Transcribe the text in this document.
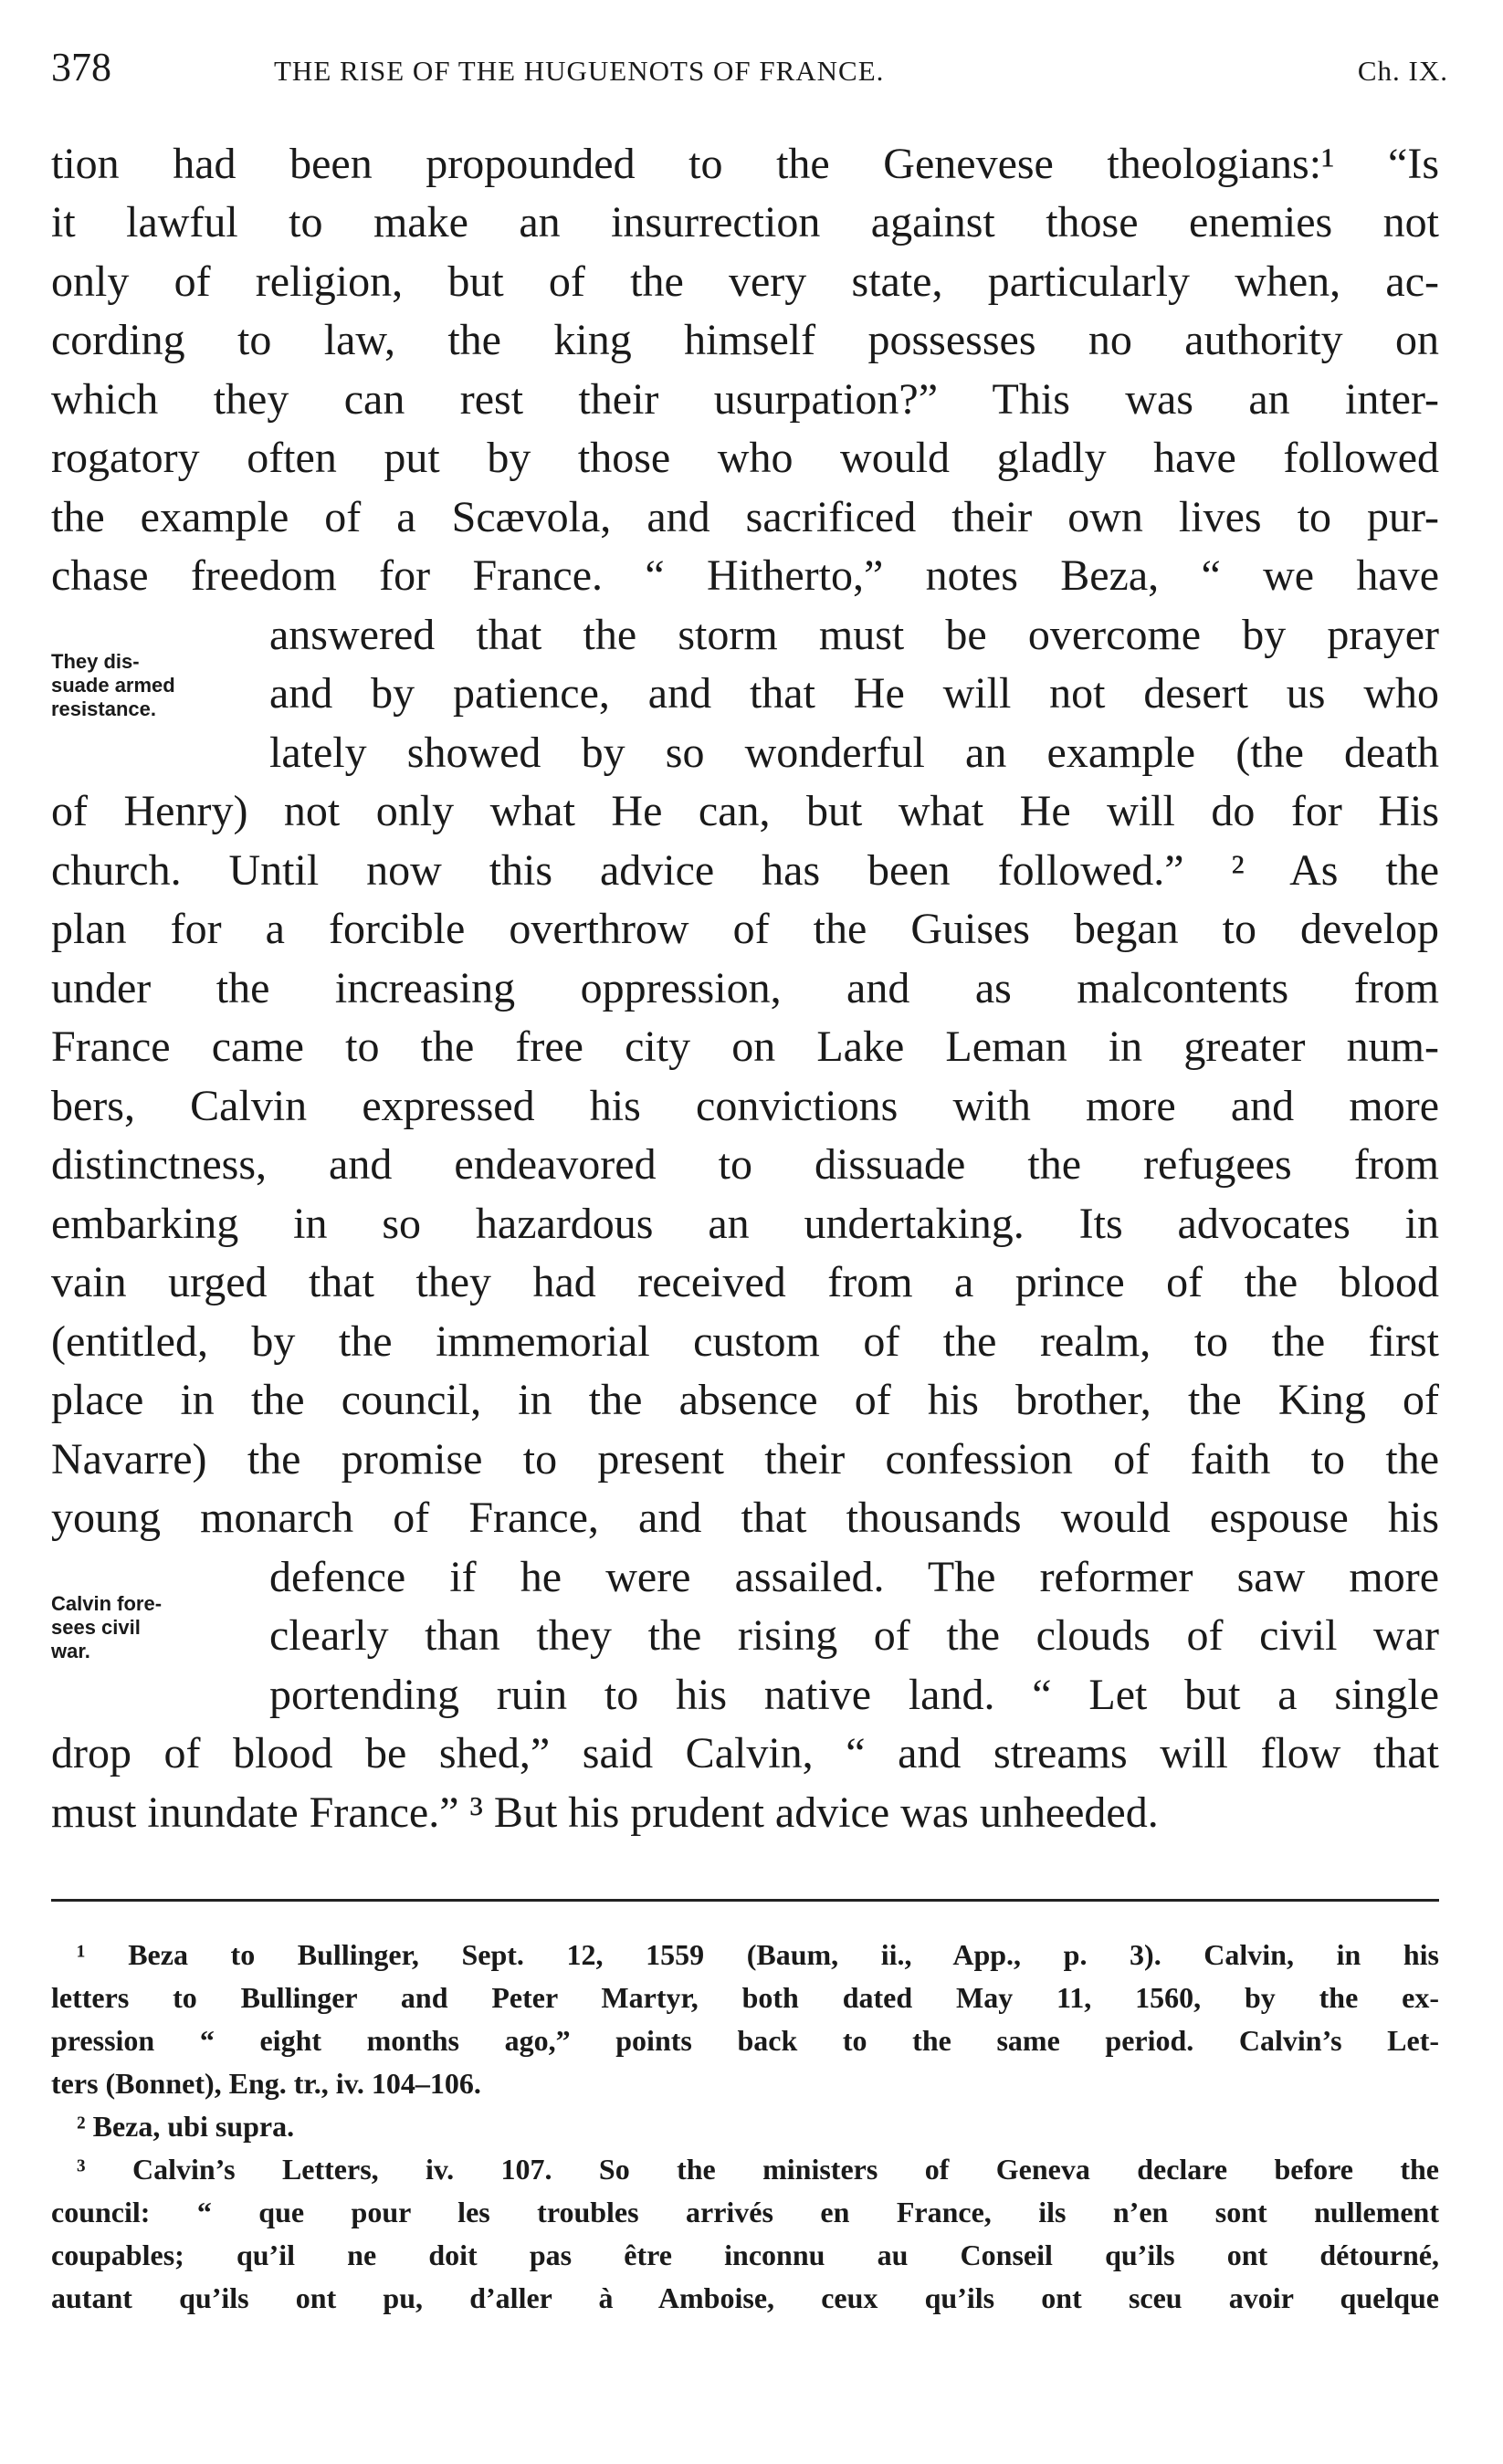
378	THE RISE OF THE HUGUENOTS OF FRANCE.	Ch. IX.
tion had been propounded to the Genevese theologians:¹ “Is
it lawful to make an insurrection against those enemies not
only of religion, but of the very state, particularly when, ac-
cording to law, the king himself possesses no authority on
which they can rest their usurpation?” This was an inter-
rogatory often put by those who would gladly have followed
the example of a Scævola, and sacrificed their own lives to pur-
chase freedom for France. “ Hitherto,” notes Beza, “ we have
answered that the storm must be overcome by prayer
and by patience, and that He will not desert us who
lately showed by so wonderful an example (the death
of Henry) not only what He can, but what He will do for His
church. Until now this advice has been followed.” ² As the
plan for a forcible overthrow of the Guises began to develop
under the increasing oppression, and as malcontents from
France came to the free city on Lake Leman in greater num-
bers, Calvin expressed his convictions with more and more
distinctness, and endeavored to dissuade the refugees from
embarking in so hazardous an undertaking. Its advocates in
vain urged that they had received from a prince of the blood
(entitled, by the immemorial custom of the realm, to the first
place in the council, in the absence of his brother, the King of
Navarre) the promise to present their confession of faith to the
young monarch of France, and that thousands would espouse his
defence if he were assailed. The reformer saw more
clearly than they the rising of the clouds of civil war
portending ruin to his native land. “ Let but a single
drop of blood be shed,” said Calvin, “ and streams will flow that
must inundate France.” ³ But his prudent advice was unheeded.
They dis-
suade armed
resistance.
Calvin fore-
sees civil
war.
¹ Beza to Bullinger, Sept. 12, 1559 (Baum, ii., App., p. 3). Calvin, in his
letters to Bullinger and Peter Martyr, both dated May 11, 1560, by the ex-
pression “ eight months ago,” points back to the same period. Calvin’s Let-
ters (Bonnet), Eng. tr., iv. 104–106.
² Beza, ubi supra.
³ Calvin’s Letters, iv. 107. So the ministers of Geneva declare before the
council: “ que pour les troubles arrivés en France, ils n’en sont nullement
coupables; qu’il ne doit pas être inconnu au Conseil qu’ils ont détourné,
autant qu’ils ont pu, d’aller à Amboise, ceux qu’ils ont sceu avoir quelque
